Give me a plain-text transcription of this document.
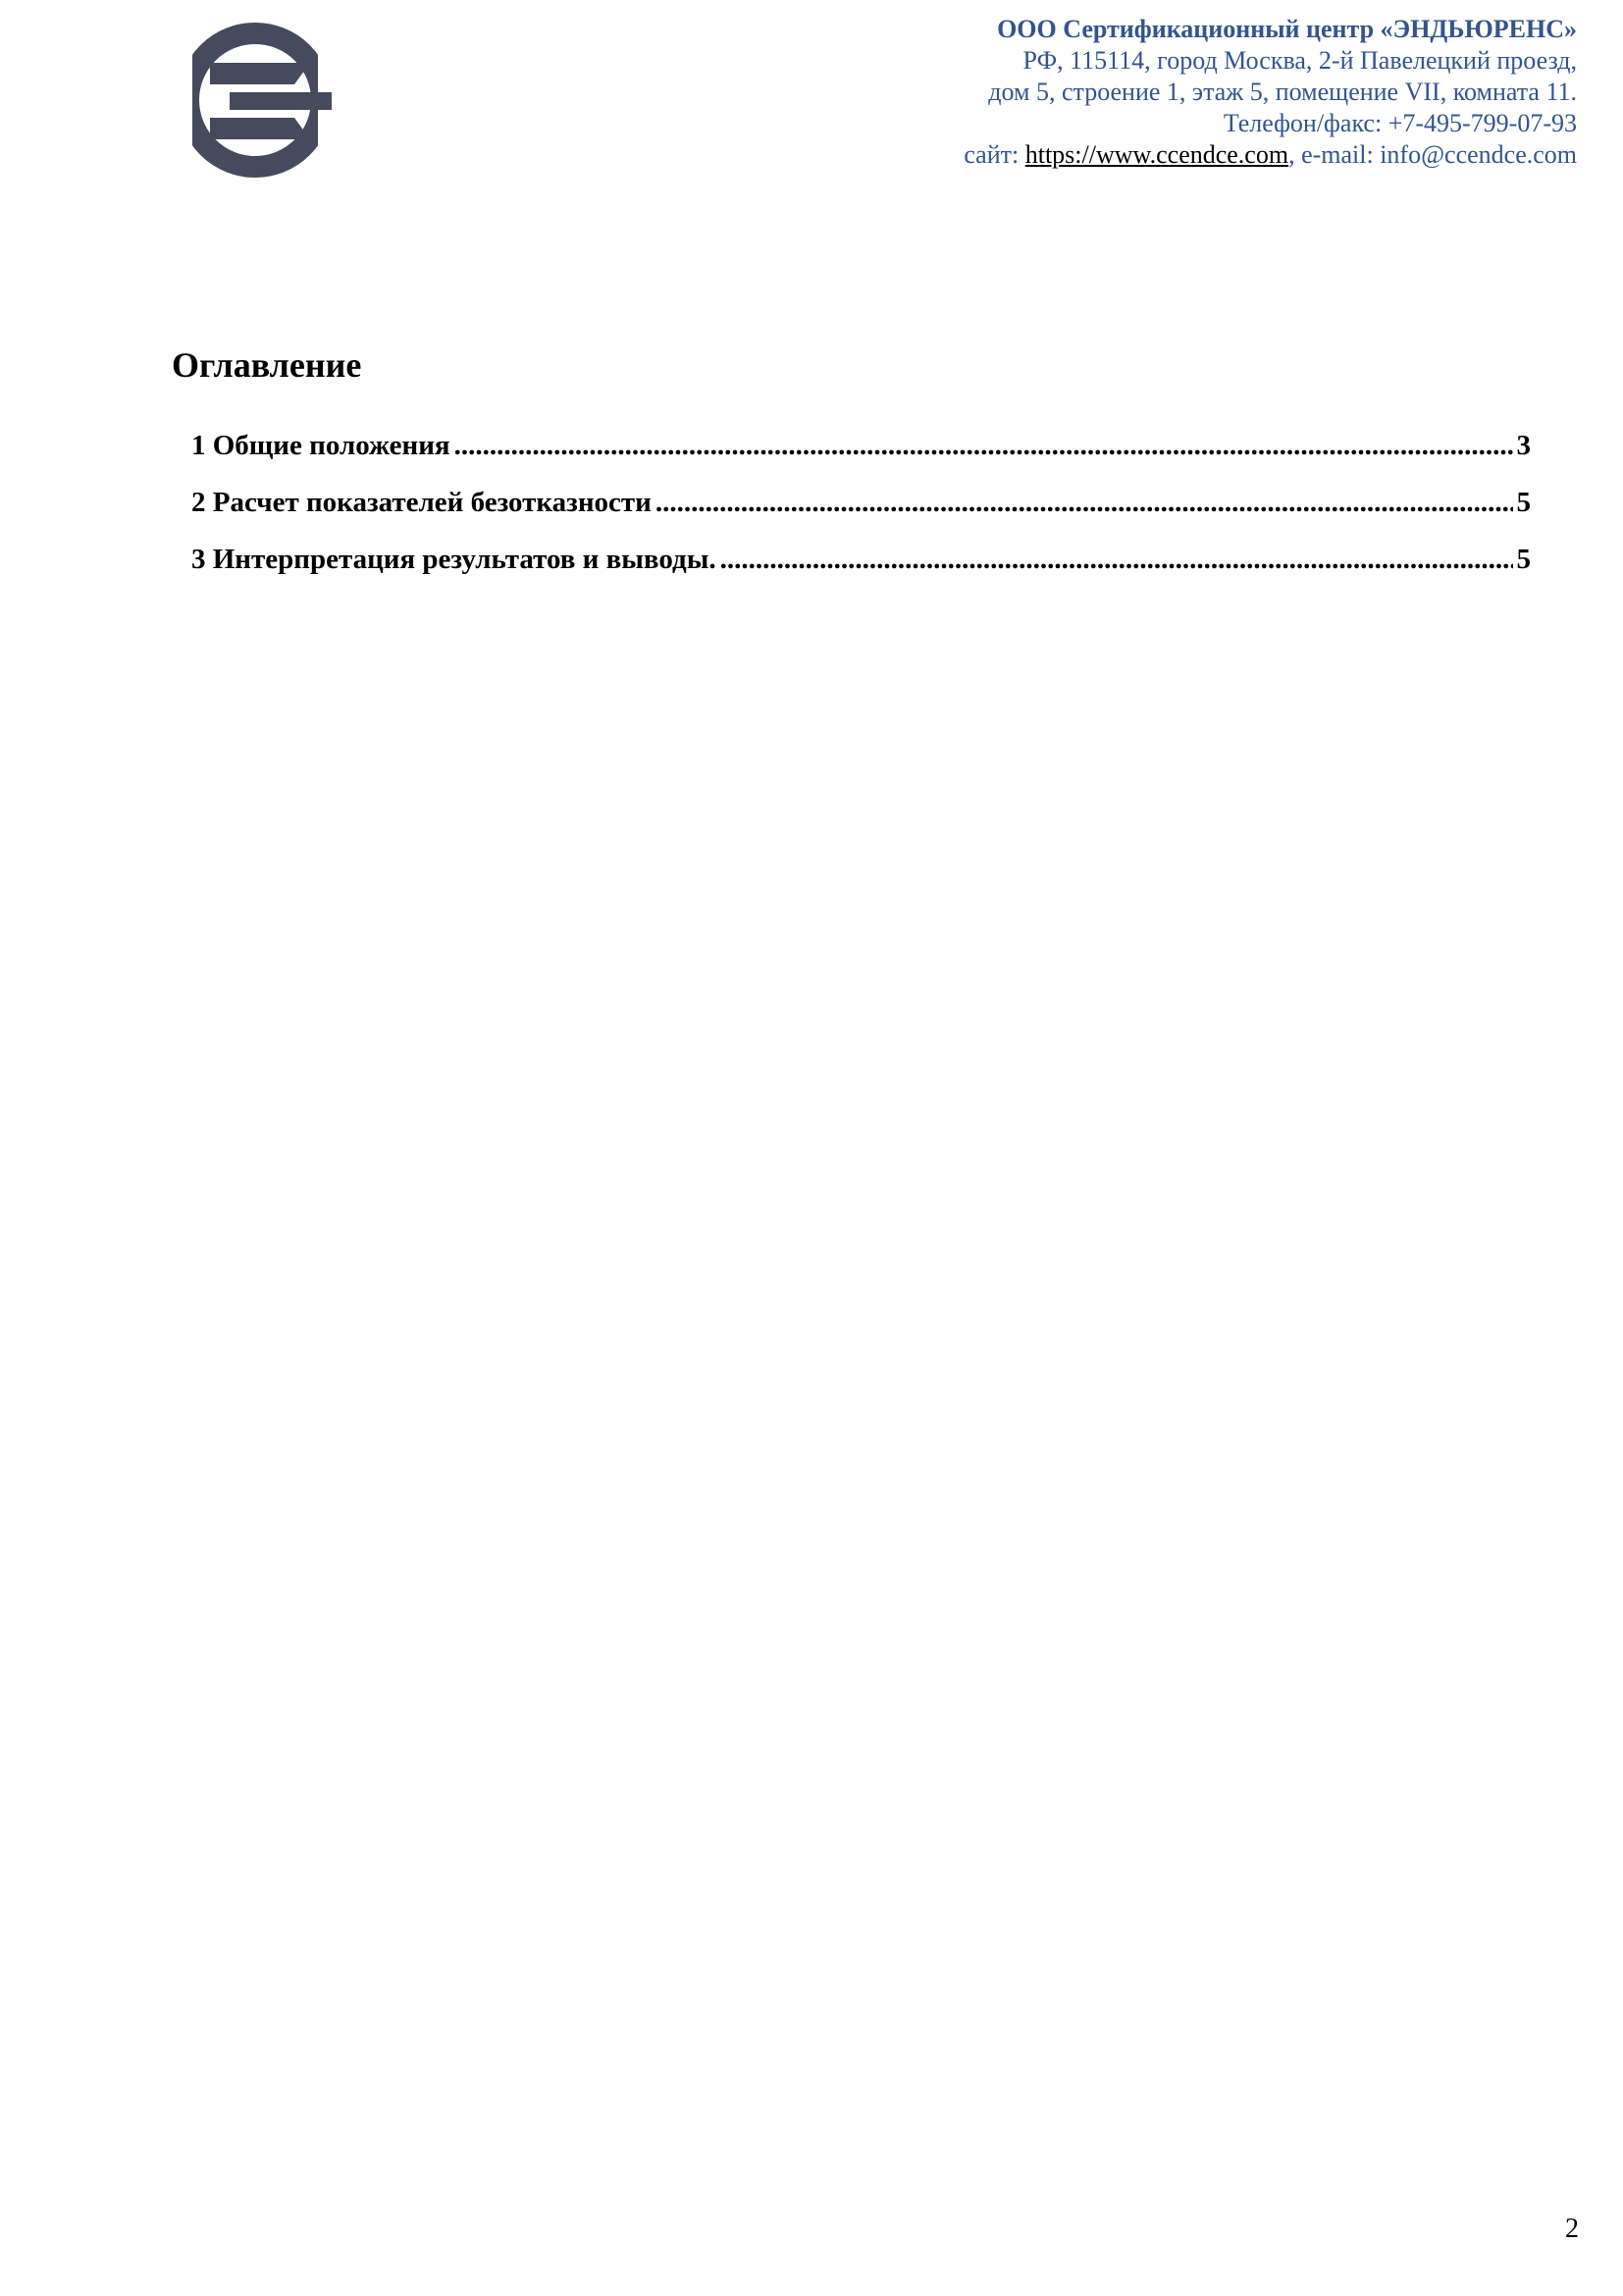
ООО Сертификационный центр «ЭНДЬЮРЕНС»
РФ, 115114, город Москва, 2-й Павелецкий проезд,
дом 5, строение 1, этаж 5, помещение VII, комната 11.
Телефон/факс: +7-495-799-07-93
сайт: https://www.ccendce.com, e-mail: info@ccendce.com
Оглавление
1 Общие положения .....	3
2 Расчет показателей безотказности .....	5
3 Интерпретация результатов и выводы. .....	5
2
